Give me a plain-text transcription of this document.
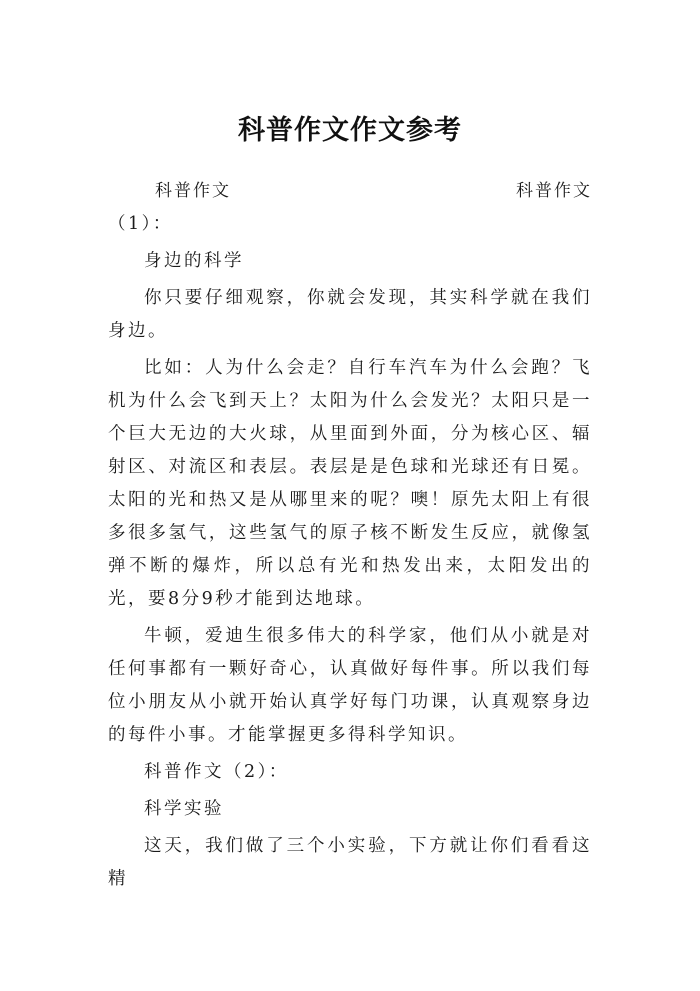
科普作文作文参考
科普作文	科普作文

（1）：

身边的科学

你只要仔细观察，你就会发现，其实科学就在我们身边。

比如：人为什么会走？自行车汽车为什么会跑？飞机为什么会飞到天上？太阳为什么会发光？太阳只是一个巨大无边的大火球，从里面到外面，分为核心区、辐射区、对流区和表层。表层是是色球和光球还有日冕。太阳的光和热又是从哪里来的呢？噢！原先太阳上有很多很多氢气，这些氢气的原子核不断发生反应，就像氢弹不断的爆炸，所以总有光和热发出来，太阳发出的光，要8分9秒才能到达地球。

牛顿，爱迪生很多伟大的科学家，他们从小就是对任何事都有一颗好奇心，认真做好每件事。所以我们每位小朋友从小就开始认真学好每门功课，认真观察身边的每件小事。才能掌握更多得科学知识。

科普作文（2）：

科学实验

这天，我们做了三个小实验，下方就让你们看看这精
